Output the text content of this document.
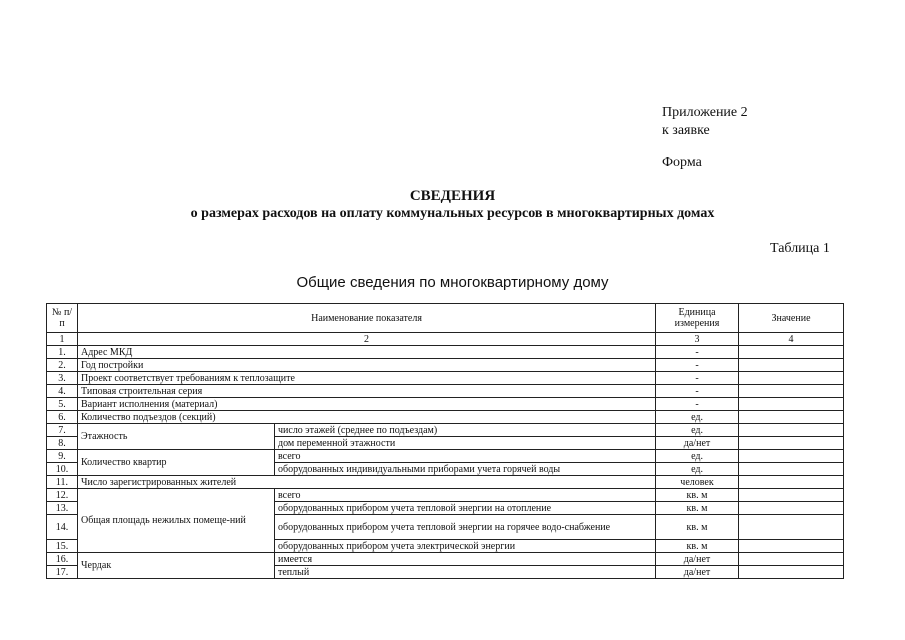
Приложение 2
к заявке
Форма
СВЕДЕНИЯ
о размерах расходов на оплату коммунальных ресурсов в многоквартирных домах
Таблица 1
Общие сведения по многоквартирному дому
№ п/п	Наименование показателя		Единица измерения	Значение
1	2		3	4
1.	Адрес МКД		-	
2.	Год постройки		-	
3.	Проект соответствует требованиям к теплозащите		-	
4.	Типовая строительная серия		-	
5.	Вариант исполнения (материал)		-	
6.	Количество подъездов (секций)		ед.	
7.	Этажность	число этажей (среднее по подъездам)	ед.	
8.		дом переменной этажности	да/нет	
9.	Количество квартир	всего	ед.	
10.		оборудованных индивидуальными приборами учета горячей воды	ед.	
11.	Число зарегистрированных жителей		человек	
12.	Общая площадь нежилых помеще-ний	всего	кв. м	
13.		оборудованных прибором учета тепловой энергии на отопление	кв. м	
14.		оборудованных прибором учета тепловой энергии на горячее водо-снабжение	кв. м	
15.		оборудованных прибором учета электрической энергии	кв. м	
16.	Чердак	имеется	да/нет	
17.		теплый	да/нет	
